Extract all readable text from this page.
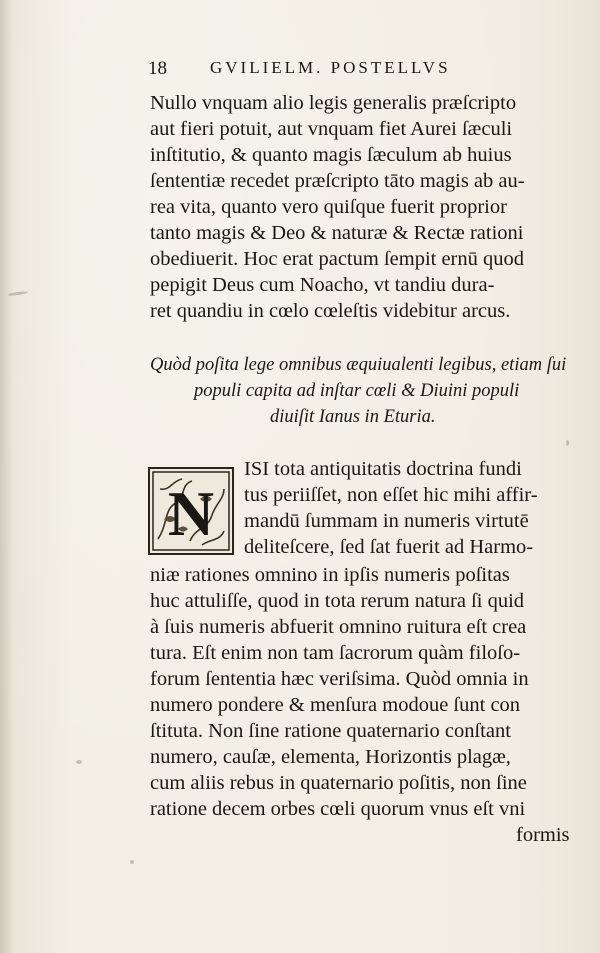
18	GVILIELM. POSTELLVS
Nullo vnquam alio legis generalis præſcripto
aut fieri potuit, aut vnquam fiet Aurei ſæculi
inſtitutio, & quanto magis ſæculum ab huius
ſententiæ recedet præſcripto tāto magis ab au-
rea vita, quanto vero quiſque fuerit proprior
tanto magis & Deo & naturæ & Rectæ rationi
obediuerit. Hoc erat pactum ſempit ernū quod
pepigit Deus cum Noacho, vt tandiu dura-
ret quandiu in cœlo cœleſtis videbitur arcus.
Quòd poſita lege omnibus æquiualenti legibus, etiam ſui
populi capita ad inſtar cœli & Diuini populi
diuiſit Ianus in Eturia.
N
ISI tota antiquitatis doctrina fundi
tus periiſſet, non eſſet hic mihi affir-
mandū ſummam in numeris virtutē
deliteſcere, ſed ſat fuerit ad Harmo-
niæ rationes omnino in ipſis numeris poſitas
huc attuliſſe, quod in tota rerum natura ſi quid
à ſuis numeris abfuerit omnino ruitura eſt crea
tura. Eſt enim non tam ſacrorum quàm filoſo-
forum ſententia hæc veriſsima. Quòd omnia in
numero pondere & menſura modoue ſunt con
ſtituta. Non ſine ratione quaternario conſtant
numero, cauſæ, elementa, Horizontis plagæ,
cum aliis rebus in quaternario poſitis, non ſine
ratione decem orbes cœli quorum vnus eſt vni
formis
